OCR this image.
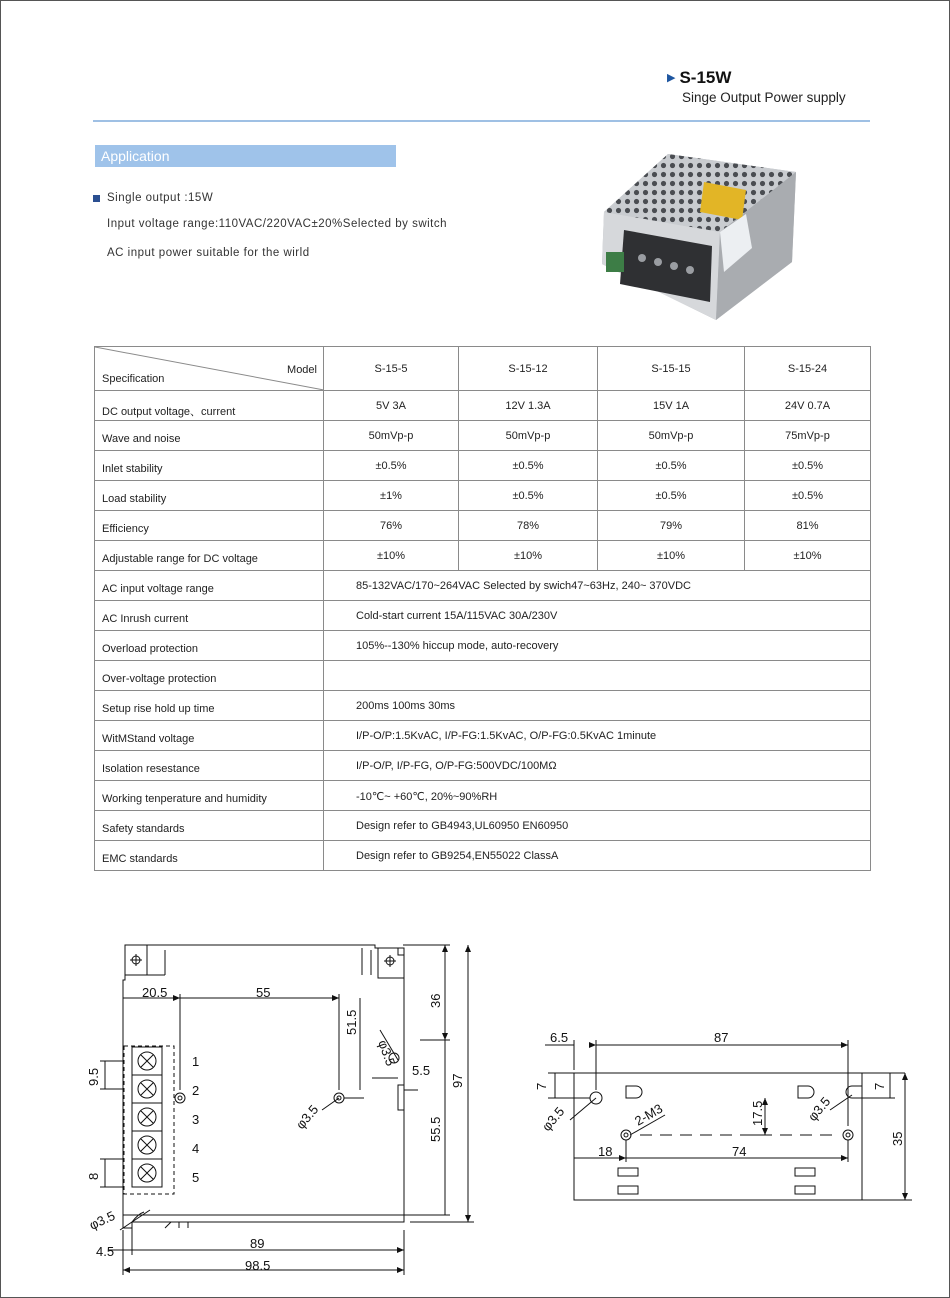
▶ S-15W
Singe Output Power supply
Application
Single output :15W
Input voltage range:110VAC/220VAC±20%Selected by switch
AC input power suitable for the wirld
Model
Specification	S-15-5	S-15-12	S-15-15	S-15-24
DC output voltage、current	5V 3A	12V 1.3A	15V 1A	24V 0.7A
Wave and noise	50mVp-p	50mVp-p	50mVp-p	75mVp-p
Inlet stability	±0.5%	±0.5%	±0.5%	±0.5%
Load stability	±1%	±0.5%	±0.5%	±0.5%
Efficiency	76%	78%	79%	81%
Adjustable range for DC voltage	±10%	±10%	±10%	±10%
AC input voltage range	85-132VAC/170~264VAC Selected by swich47~63Hz, 240~ 370VDC			
AC Inrush current	Cold-start current 15A/115VAC 30A/230V			
Overload protection	105%--130% hiccup mode, auto-recovery			
Over-voltage protection				
Setup rise hold up time	200ms 100ms 30ms			
WitMStand voltage	I/P-O/P:1.5KvAC, I/P-FG:1.5KvAC, O/P-FG:0.5KvAC 1minute			
Isolation resestance	I/P-O/P, I/P-FG, O/P-FG:500VDC/100MΩ			
Working tenperature and humidity	-10℃~ +60℃, 20%~90%RH			
Safety standards	Design refer to GB4943,UL60950 EN60950			
EMC standards	Design refer to GB9254,EN55022 ClassA			
20.5	55
51.5
36
97
5.5
55.5
9.5
8
4.5
89
98.5
φ3.5
φ3.5
φ3.5
1
2
3
4
5
6.5	87
7	7
17.5
35
18	74
φ3.5	φ3.5
2-M3
